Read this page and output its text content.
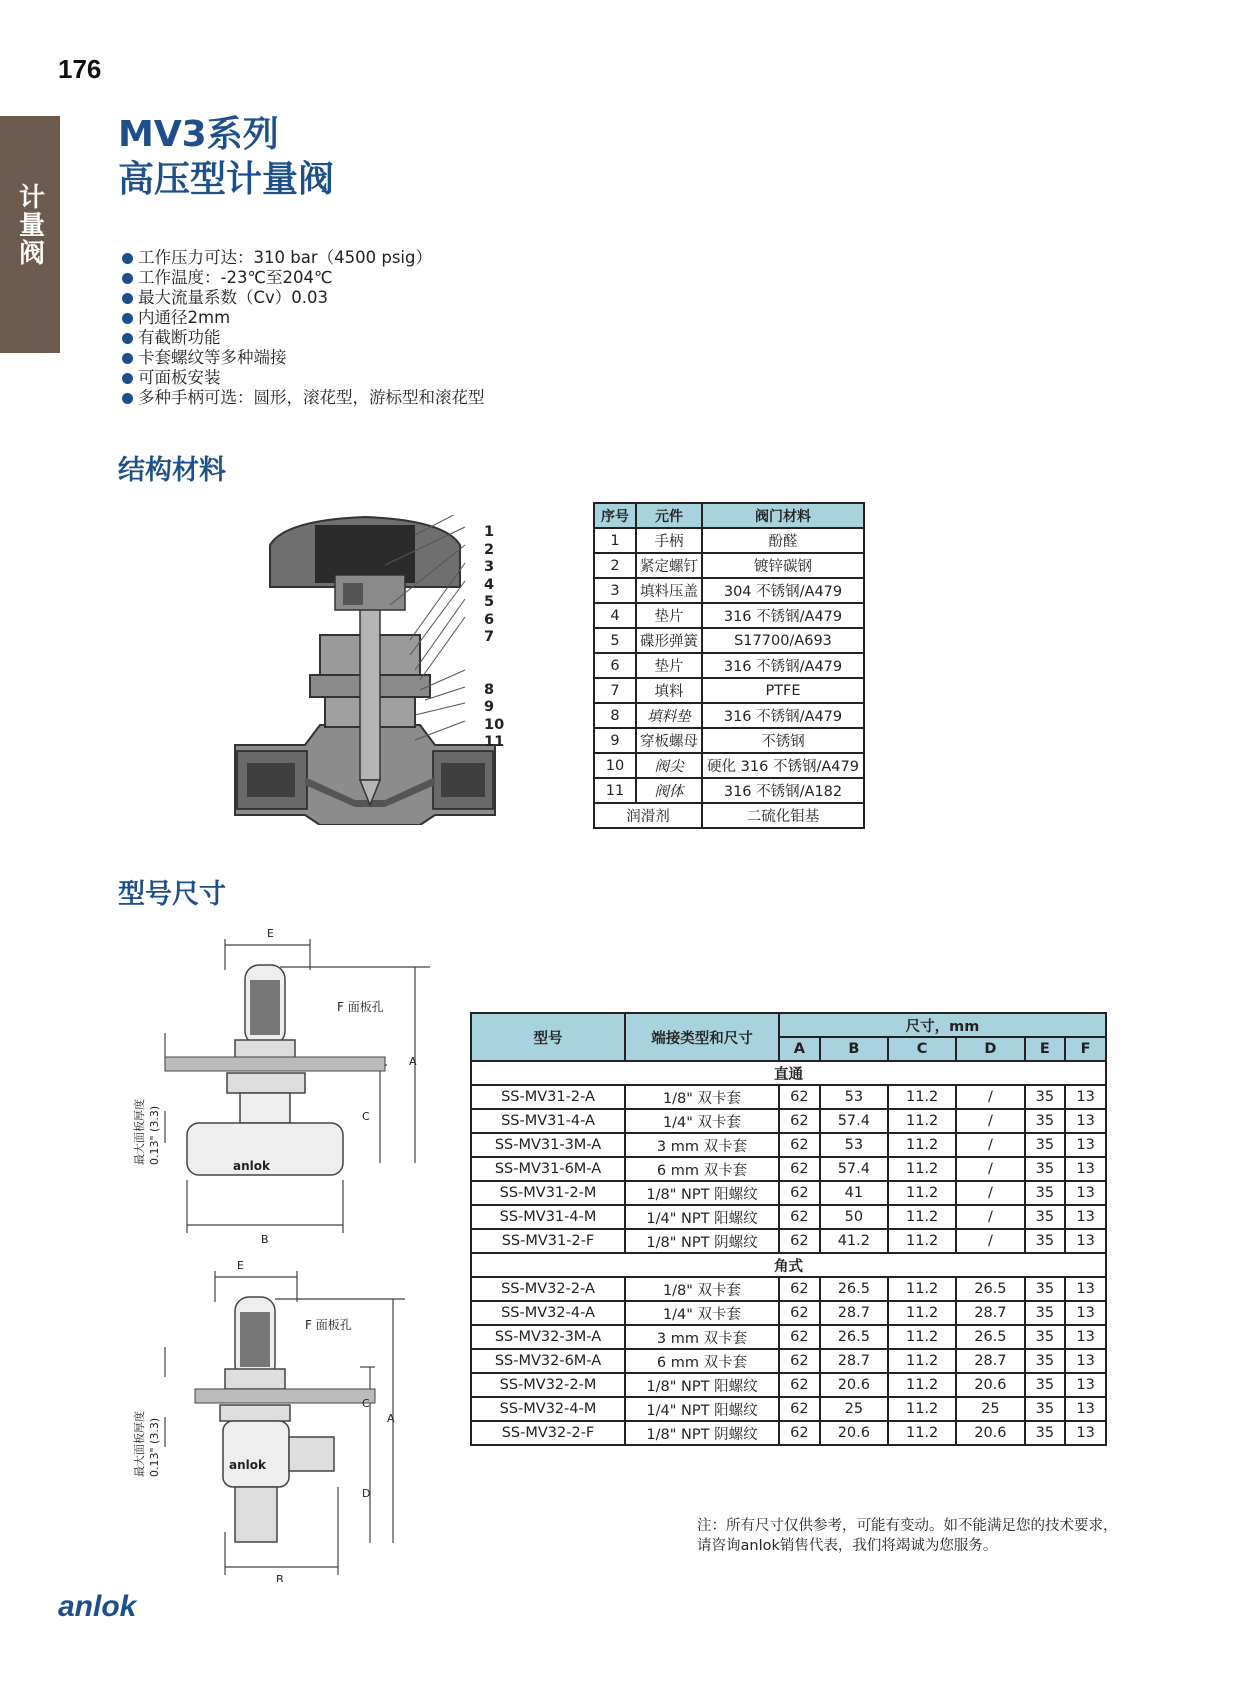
176
计量阀
MV3系列
高压型计量阀
工作压力可达：310 bar（4500 psig）
工作温度：-23℃至204℃
最大流量系数（Cv）0.03
内通径2mm
有截断功能
卡套螺纹等多种端接
可面板安装
多种手柄可选：圆形，滚花型，游标型和滚花型
结构材料
1
2
3
4
5
6
7
8
9
10
11
序号	元件	阀门材料
1	手柄	酚醛
2	紧定螺钉	镀锌碳钢
3	填料压盖	304 不锈钢/A479
4	垫片	316 不锈钢/A479
5	碟形弹簧	S17700/A693
6	垫片	316 不锈钢/A479
7	填料	PTFE
8	填料垫	316 不锈钢/A479
9	穿板螺母	不锈钢
10	阀尖	硬化 316 不锈钢/A479
11	阀体	316 不锈钢/A182
润滑剂		二硫化钼基
型号尺寸
anlok
E
F 面板孔
A
C
B
最大面板厚度 0.13" (3.3)
anlok
E
F 面板孔
A
C
D
B
最大面板厚度 0.13" (3.3)
型号	端接类型和尺寸	尺寸，mm					
		A	B	C	D	E	F
直通							
SS-MV31-2-A	1/8" 双卡套	62	53	11.2	/	35	13
SS-MV31-4-A	1/4" 双卡套	62	57.4	11.2	/	35	13
SS-MV31-3M-A	3 mm 双卡套	62	53	11.2	/	35	13
SS-MV31-6M-A	6 mm 双卡套	62	57.4	11.2	/	35	13
SS-MV31-2-M	1/8" NPT 阳螺纹	62	41	11.2	/	35	13
SS-MV31-4-M	1/4" NPT 阳螺纹	62	50	11.2	/	35	13
SS-MV31-2-F	1/8" NPT 阴螺纹	62	41.2	11.2	/	35	13
角式							
SS-MV32-2-A	1/8" 双卡套	62	26.5	11.2	26.5	35	13
SS-MV32-4-A	1/4" 双卡套	62	28.7	11.2	28.7	35	13
SS-MV32-3M-A	3 mm 双卡套	62	26.5	11.2	26.5	35	13
SS-MV32-6M-A	6 mm 双卡套	62	28.7	11.2	28.7	35	13
SS-MV32-2-M	1/8" NPT 阳螺纹	62	20.6	11.2	20.6	35	13
SS-MV32-4-M	1/4" NPT 阳螺纹	62	25	11.2	25	35	13
SS-MV32-2-F	1/8" NPT 阴螺纹	62	20.6	11.2	20.6	35	13
注：所有尺寸仅供参考，可能有变动。如不能满足您的技术要求，
请咨询anlok销售代表，我们将竭诚为您服务。
anlok
